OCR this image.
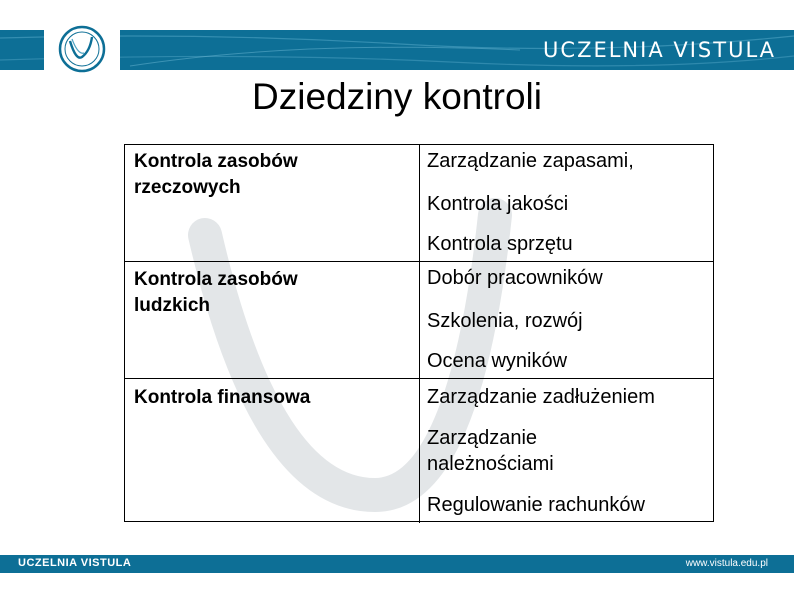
UCZELNIA VISTULA
Dziedziny kontroli
Kontrola zasobów rzeczowych
Kontrola zasobów ludzkich
Kontrola finansowa
Zarządzanie zapasami,
Kontrola jakości
Kontrola sprzętu
Dobór pracowników
Szkolenia, rozwój
Ocena wyników
Zarządzanie zadłużeniem
Zarządzanie należnościami
Regulowanie rachunków
UCZELNIA VISTULA	www.vistula.edu.pl
